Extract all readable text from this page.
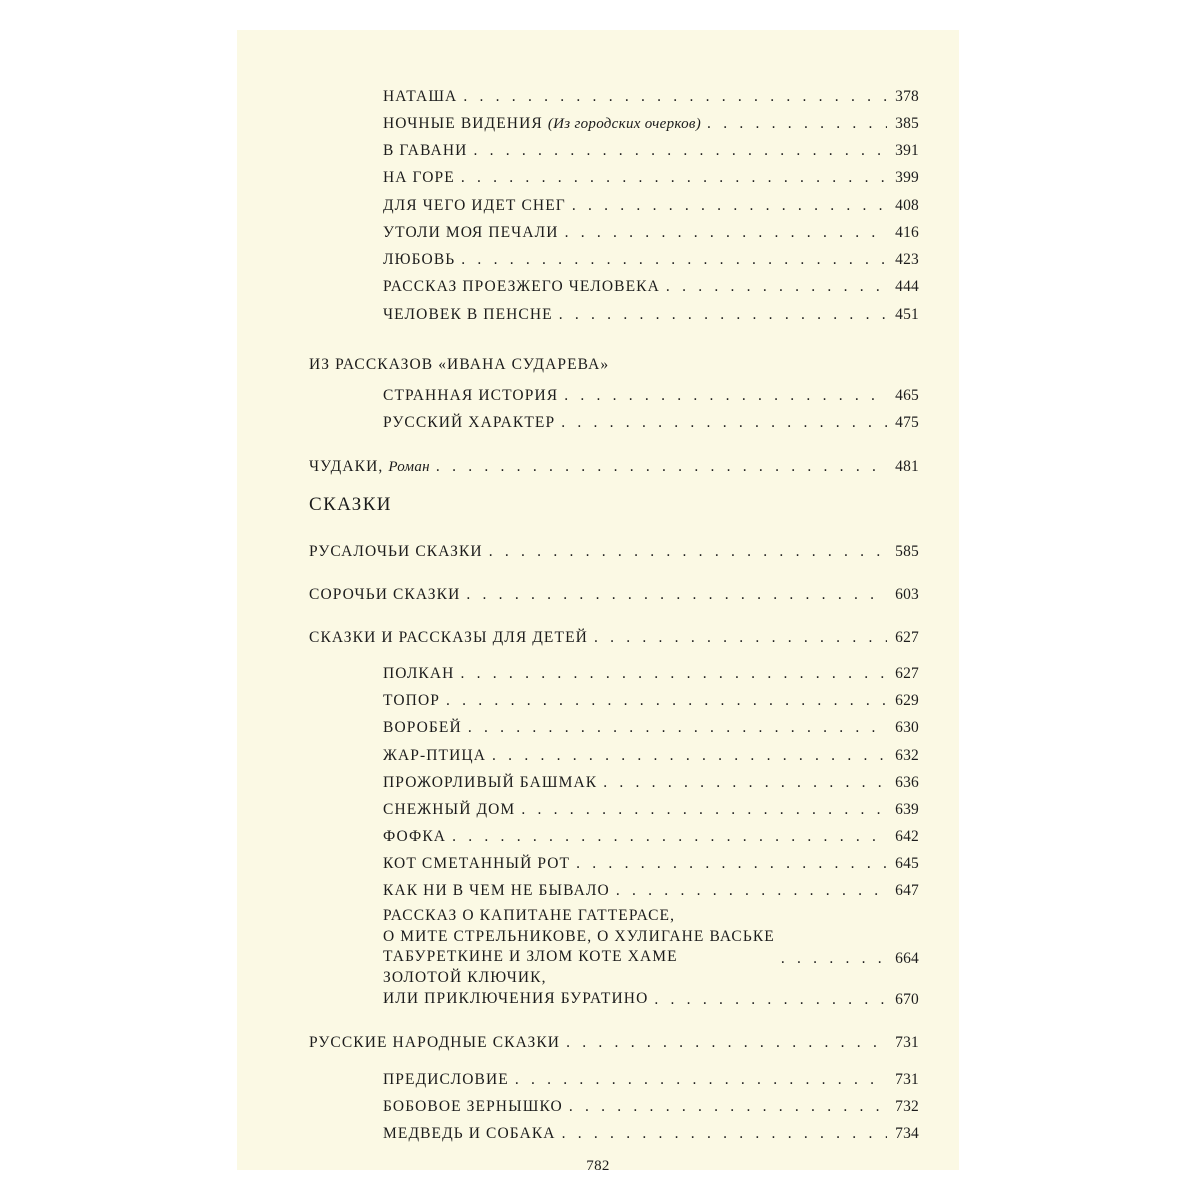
НАТАША . . .	378
НОЧНЫЕ ВИДЕНИЯ (Из городских очерков) . . .	385
В ГАВАНИ . . .	391
НА ГОРЕ . . .	399
ДЛЯ ЧЕГО ИДЕТ СНЕГ . . .	408
УТОЛИ МОЯ ПЕЧАЛИ . . .	416
ЛЮБОВЬ . . .	423
РАССКАЗ ПРОЕЗЖЕГО ЧЕЛОВЕКА . . .	444
ЧЕЛОВЕК В ПЕНСНЕ . . .	451
ИЗ РАССКАЗОВ «ИВАНА СУДАРЕВА»
СТРАННАЯ ИСТОРИЯ . . .	465
РУССКИЙ ХАРАКТЕР . . .	475
ЧУДАКИ, Роман . . .	481
СКАЗКИ
РУСАЛОЧЬИ СКАЗКИ . . .	585
СОРОЧЬИ СКАЗКИ . . .	603
СКАЗКИ И РАССКАЗЫ ДЛЯ ДЕТЕЙ . . .	627
ПОЛКАН . . .	627
ТОПОР . . .	629
ВОРОБЕЙ . . .	630
ЖАР-ПТИЦА . . .	632
ПРОЖОРЛИВЫЙ БАШМАК . . .	636
СНЕЖНЫЙ ДОМ . . .	639
ФОФКА . . .	642
КОТ СМЕТАННЫЙ РОТ . . .	645
КАК НИ В ЧЕМ НЕ БЫВАЛО . . .	647
РАССКАЗ О КАПИТАНЕ ГАТТЕРАСЕ,
О МИТЕ СТРЕЛЬНИКОВЕ, О ХУЛИГАНЕ ВАСЬКЕ
ТАБУРЕТКИНЕ И ЗЛОМ КОТЕ ХАМЕ . . .	664
ЗОЛОТОЙ КЛЮЧИК,
ИЛИ ПРИКЛЮЧЕНИЯ БУРАТИНО . . .	670
РУССКИЕ НАРОДНЫЕ СКАЗКИ . . .	731
ПРЕДИСЛОВИЕ . . .	731
БОБОВОЕ ЗЕРНЫШКО . . .	732
МЕДВЕДЬ И СОБАКА . . .	734
782
